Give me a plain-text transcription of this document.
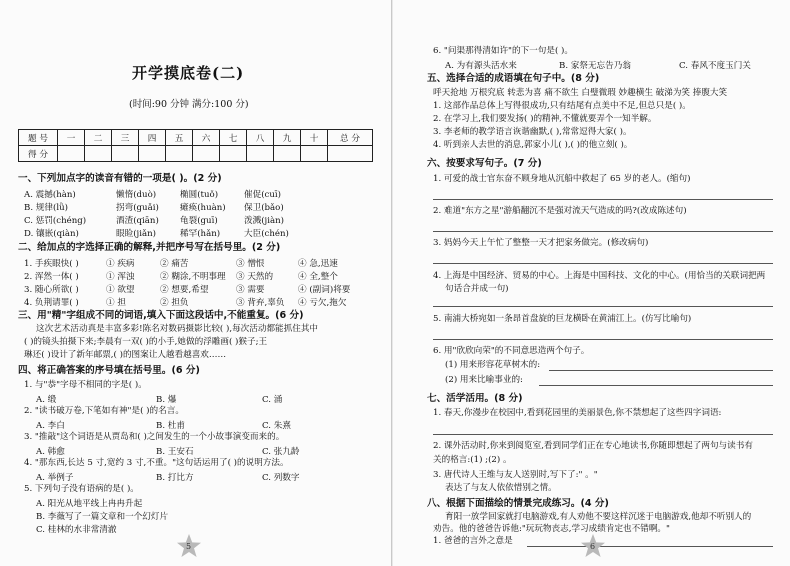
开学摸底卷(二)
(时间:90 分钟 满分:100 分)
题 号	一	二	三	四	五	六	七	八	九	十	总 分
得 分											
一、下列加点字的读音有错的一项是( )。(2 分)
A. 震撼(hàn)	懒惰(duò)	椭圆(tuǒ)	催促(cuī)
B. 规律(lǜ)	拐弯(guǎi) 瘫痪(huàn) 保卫(bǎo)
C. 惩罚(chéng)	酒渣(qiān) 龟裂(guī)	泼溅(jiàn)
D. 镶嵌(qiàn)	眼睑(jiǎn)	稀罕(hǎn)	大臣(chén)
二、给加点的字选择正确的解释,并把序号写在括号里。(2 分)
1. 手疾眼快( )	① 疾病	② 痛苦	③ 憎恨	④ 急,迅速
2. 浑然一体( )	① 浑浊	② 糊涂,不明事理 ③ 天然的	④ 全,整个
3. 随心所欲( )	① 欲望	② 想要,希望	③ 需要	④ (副词)将要
4. 负荆请罪( )	① 担	② 担负	③ 背弃,辜负 ④ 亏欠,拖欠
三、用"精"字组成不同的词语,填入下面这段话中,不能重复。(6 分)
这次艺术活动真是丰富多彩!陈名对数码摄影比较( ),每次活动都能抓住其中
( )的镜头拍摄下来;李晨有一双( )的小手,她做的浮雕画( )猴子;王
琳还( )设计了新年邮票,( )的图案让人越看越喜欢……
四、将正确答案的序号填在括号里。(6 分)
1. 与"恭"字母不相同的字是( )。
A. 缎	B. 爆	C. 涌
2. "读书破万卷,下笔如有神"是( )的名言。
A. 李白	B. 杜甫	C. 朱熹
3. "推敲"这个词语是从贾岛和( )之间发生的一个小故事演变而来的。
A. 韩愈	B. 王安石	C. 张九龄
4. "那东西,长达 5 寸,宽约 3 寸,不重。"这句话运用了( )的说明方法。
A. 举例子	B. 打比方	C. 列数字
5. 下列句子没有语病的是( )。
A. 阳光从地平线上冉冉升起
B. 李薇写了一篇文章和一个幻灯片
C. 桂林的水非常清澈
5
6. "问渠那得清如许"的下一句是( )。
A. 为有源头活水来	B. 家祭无忘告乃翁	C. 春风不度玉门关
五、选择合适的成语填在句子中。(8 分)
呼天抢地 万根究底 转悲为喜 痛不欲生 白璧微瑕 妙趣横生 破涕为笑 捧腹大笑
1. 这部作品总体上写得很成功,只有结尾有点美中不足,但总只是( )。
2. 在学习上,我们要发扬( )的精神,不懂就要弄个一知半解。
3. 李老师的教学语言诙谐幽默,( ),常常逗得大家( )。
4. 听到亲人去世的消息,郭家小儿( ),( )的他立刻( )。
六、按要求写句子。(7 分)
1. 可爱的战士官东奋不顾身地从沉船中救起了 65 岁的老人。(缩句)
2. 难道"东方之星"游船翻沉不是强对流天气造成的吗?(改成陈述句)
3. 妈妈今天上午忙了整整一天才把家务做完。(修改病句)
4. 上海是中国经济、贸易的中心。上海是中国科技、文化的中心。(用恰当的关联词把两
句话合并成一句)
5. 南浦大桥宛如一条昂首盘旋的巨龙横卧在黄浦江上。(仿写比喻句)
6. 用"欣欣向荣"的不同意思造两个句子。
(1) 用来形容花草树木的:
(2) 用来比喻事业的:
七、活学活用。(8 分)
1. 春天,你漫步在校园中,看到花园里的美丽景色,你不禁想起了这些四字词语:
2. 课外活动时,你来到阅览室,看到同学们正在专心地读书,你随即想起了两句与读书有
关的格言:(1) ;(2) 。
3. 唐代诗人王维与友人送别时,写下了:" 。"
表达了与友人依依惜别之情。
八、根据下面描绘的情景完成练习。(4 分)
育阳一放学回家就打电脑游戏,有人劝他不要这样沉迷于电脑游戏,他却不听别人的
劝告。他的爸爸告诉他:"玩玩物丧志,学习成绩肯定也不错啊。"
1. 爸爸的言外之意是
6
